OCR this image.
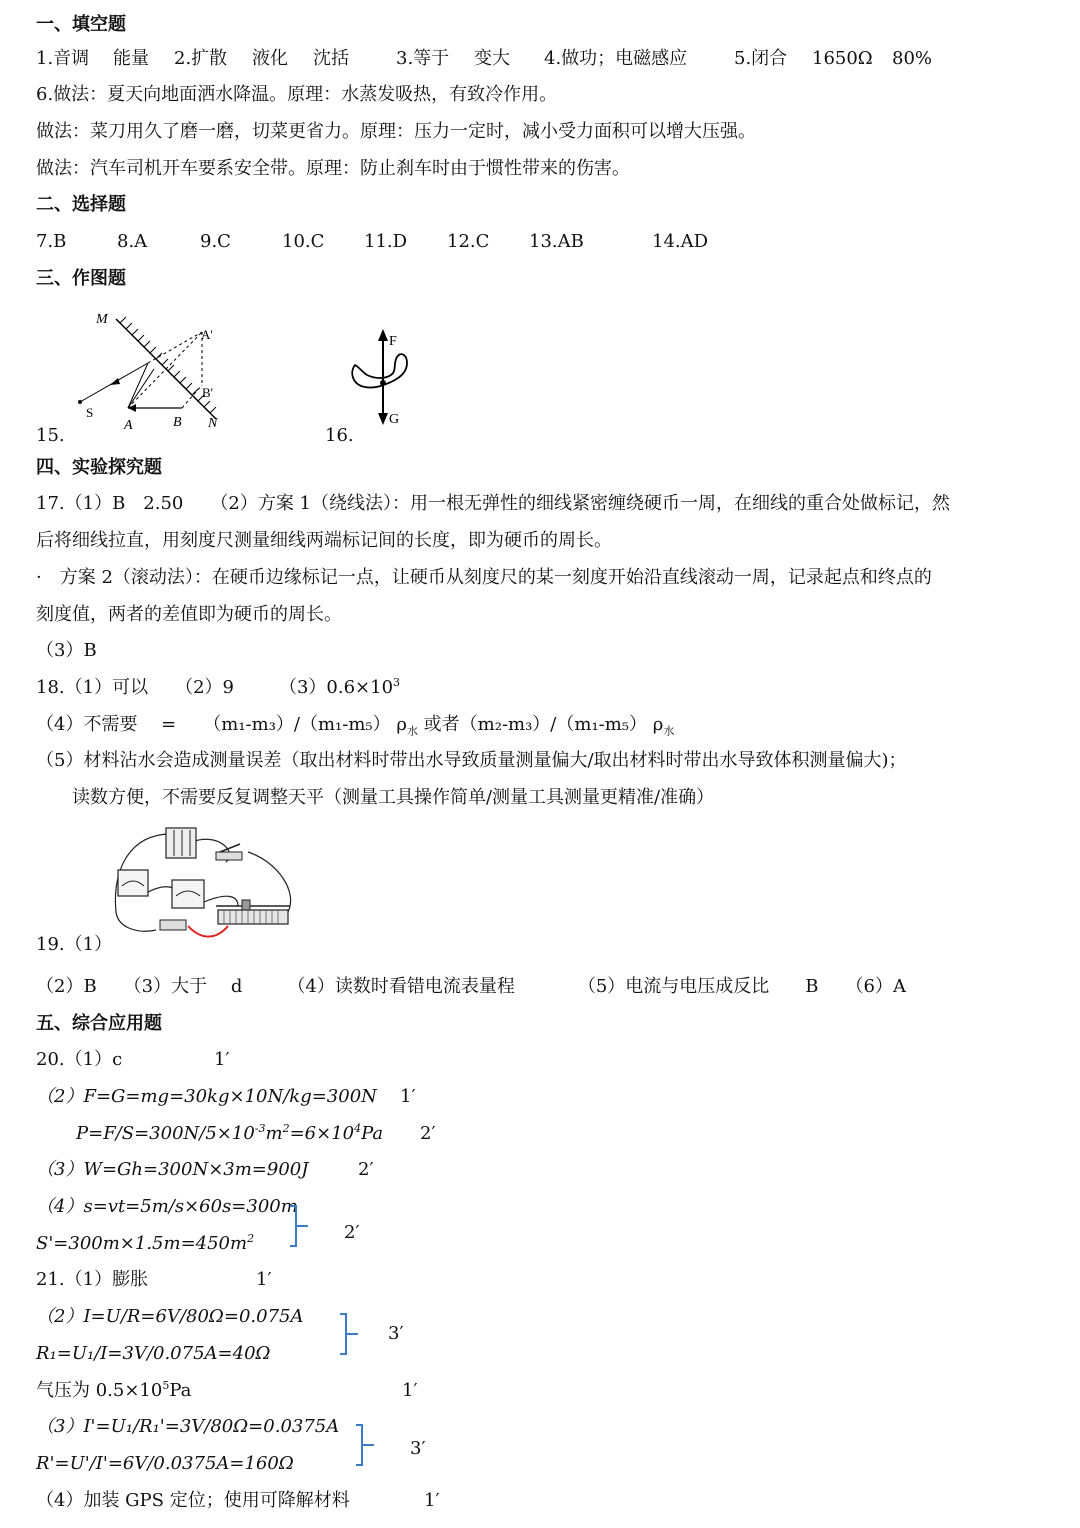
一、填空题
1.音调 能量 2.扩散 液化 沈括	3.等于 变大 4.做功；电磁感应	5.闭合 1650Ω 80%
6.做法：夏天向地面洒水降温。原理：水蒸发吸热，有致冷作用。
做法：菜刀用久了磨一磨，切菜更省力。原理：压力一定时，减小受力面积可以增大压强。
做法：汽车司机开车要系安全带。原理：防止刹车时由于惯性带来的伤害。
二、选择题
7.B	8.A	9.C	10.C 11.D 12.C 13.AB	14.AD
三、作图题
M
A'
B'
S
A	B N
15.
F
G
16.
四、实验探究题
17.（1）B　2.50　　（2）方案 1（绕线法）：用一根无弹性的细线紧密缠绕硬币一周，在细线的重合处做标记，然
后将细线拉直，用刻度尺测量细线两端标记间的长度，即为硬币的周长。
·　方案 2（滚动法）：在硬币边缘标记一点，让硬币从刻度尺的某一刻度开始沿直线滚动一周，记录起点和终点的
刻度值，两者的差值即为硬币的周长。
（3）B
18.（1）可以　　（2）9　　　$(3)0.6\times 10^3$
（4）不需要　 =　　（m₁-m₃）/（m₁-m₅） $\rho_水$ 或者（m₂-m₃）/（m₁-m₅） $\rho_水$
（5）材料沾水会造成测量误差（取出材料时带出水导致质量测量偏大/取出材料时带出水导致体积测量偏大)；
　　读数方便，不需要反复调整天平（测量工具操作简单/测量工具测量更精准/准确）
19.（1）
（2）B　　（3）大于　 d　　　（4）读数时看错电流表量程　　　　（5）电流与电压成反比　　B　　（6）A
五、综合应用题
20.（1）c	1′
（2）F=G=mg=30kg×10N/kg=300N 1′
$P=F/S=300N/5\times 10^{-3}m^2=6\times 10^4Pa$ 2′
（3）W=Gh=300N×3m=900J	2′
（4）s=vt=5m/s×60s=300m
$S'=300m\times 1.5m=450m^2$	2′
21.（1）膨胀	1′
（2）I=U/R=6V/80Ω=0.075A
R₁=U₁/I=3V/0.075A=40Ω
3′
气压为 $0.5\times 10^5Pa$	1′
（3）I'=U₁/R₁'=3V/80Ω=0.0375A
R'=U'/I'=6V/0.0375A=160Ω
3′
（4）加装 GPS 定位；使用可降解材料	1′
